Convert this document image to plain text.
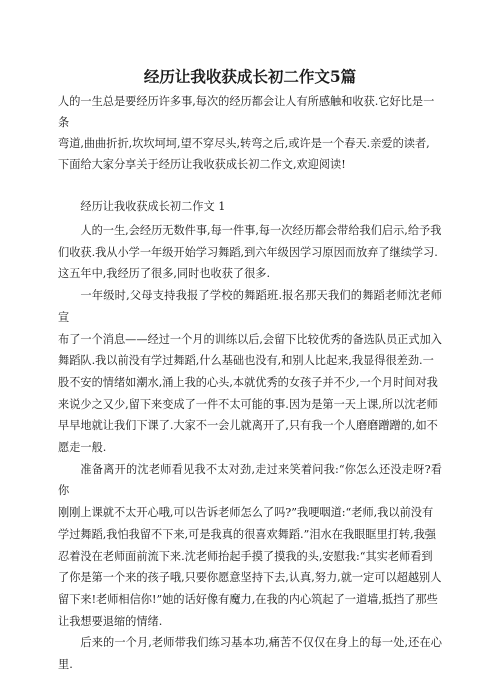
经历让我收获成长初二作文5篇

人的一生总是要经历许多事,每次的经历都会让人有所感触和收获.它好比是一条
弯道,曲曲折折,坎坎坷坷,望不穿尽头,转弯之后,或许是一个春天.亲爱的读者,
下面给大家分享关于经历让我收获成长初二作文,欢迎阅读!

经历让我收获成长初二作文 1

人的一生,会经历无数件事,每一件事,每一次经历都会带给我们启示,给予我
们收获.我从小学一年级开始学习舞蹈,到六年级因学习原因而放弃了继续学习.
这五年中,我经历了很多,同时也收获了很多.

一年级时,父母支持我报了学校的舞蹈班.报名那天我们的舞蹈老师沈老师宣
布了一个消息——经过一个月的训练以后,会留下比较优秀的备选队员正式加入
舞蹈队.我以前没有学过舞蹈,什么基础也没有,和别人比起来,我显得很差劲.一
股不安的情绪如潮水,涌上我的心头,本就优秀的女孩子并不少,一个月时间对我
来说少之又少,留下来变成了一件不太可能的事.因为是第一天上课,所以沈老师
早早地就让我们下课了.大家不一会儿就离开了,只有我一个人磨磨蹭蹭的,如不
愿走一般.

准备离开的沈老师看见我不太对劲,走过来笑着问我:“你怎么还没走呀?看你
刚刚上课就不太开心哦,可以告诉老师怎么了吗?”我哽咽道:“老师,我以前没有
学过舞蹈,我怕我留不下来,可是我真的很喜欢舞蹈.”泪水在我眼眶里打转,我强
忍着没在老师面前流下来.沈老师抬起手摸了摸我的头,安慰我:“其实老师看到
了你是第一个来的孩子哦,只要你愿意坚持下去,认真,努力,就一定可以超越别人
留下来!老师相信你!”她的话好像有魔力,在我的内心筑起了一道墙,抵挡了那些
让我想要退缩的情绪.

后来的一个月,老师带我们练习基本功,痛苦不仅仅在身上的每一处,还在心里.
